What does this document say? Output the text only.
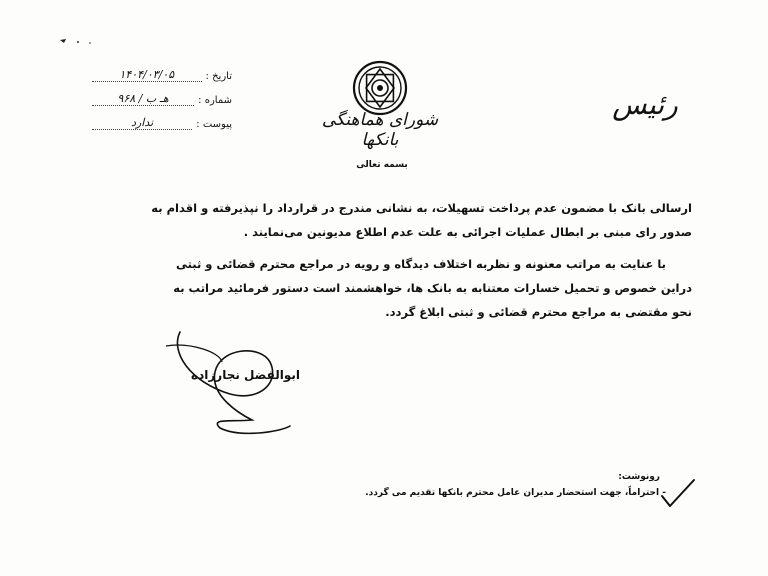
تاریخ :
۱۴۰۴/۰۳/۰۵
شماره :
۹۶۸ / هـ ب
پیوست :
ندارد	شورای هماهنگی بانکها
بسمه تعالی
رئیس

ارسالی بانک با مضمون عدم پرداخت تسهیلات، به نشانی مندرج در قرارداد را نپذیرفته و اقدام به

صدور رای مبنی بر ابطال عملیات اجرائی به علت عدم اطلاع مدیونین می‌نمایند .

با عنایت به مراتب معنونه و نظربه اختلاف دیدگاه و رویه در مراجع محترم قضائی و ثبتی

دراین خصوص و تحمیل خسارات معتنابه به بانک ها، خواهشمند است دستور فرمائید مراتب به

نحو مقتضی به مراجع محترم قضائی و ثبتی ابلاغ گردد.

ابوالفضل نجارزاده
رونوشت:
- احتراماً، جهت استحضار مدیران عامل محترم بانکها تقدیم می گردد.
